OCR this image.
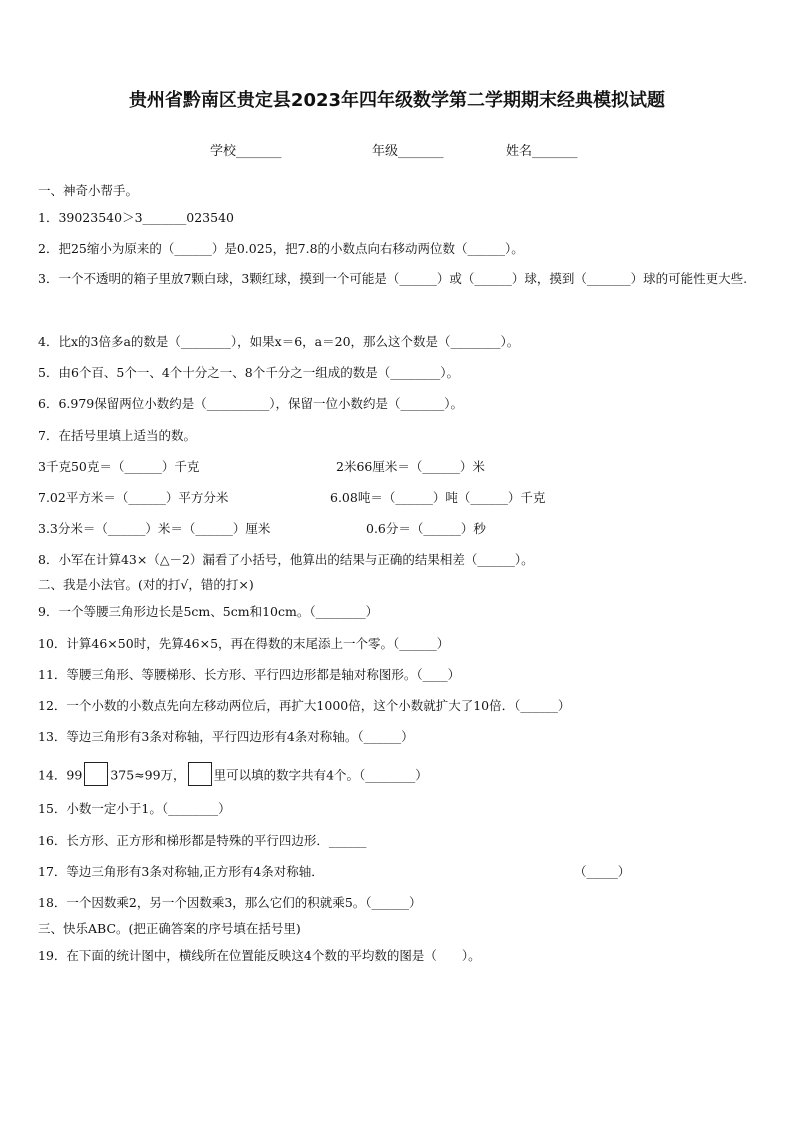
贵州省黔南区贵定县2023年四年级数学第二学期期末经典模拟试题
学校_______	年级_______	姓名_______
一、神奇小帮手。
1．39023540＞3_______023540
2．把25缩小为原来的（______）是0.025，把7.8的小数点向右移动两位数（______）。
3．一个不透明的箱子里放7颗白球，3颗红球，摸到一个可能是（______）或（______）球，摸到（_______）球的可能性更大些.
4．比x的3倍多a的数是（________），如果x＝6，a＝20，那么这个数是（________）。
5．由6个百、5个一、4个十分之一、8个千分之一组成的数是（________）。
6．6.979保留两位小数约是（__________），保留一位小数约是（_______）。
7．在括号里填上适当的数。
3千克50克＝（______）千克	2米66厘米＝（______）米
7.02平方米＝（______）平方分米	6.08吨＝（______）吨（______）千克
3.3分米＝（______）米＝（______）厘米	0.6分＝（______）秒
8．小军在计算43×（△－2）漏看了小括号，他算出的结果与正确的结果相差（______）。
二、我是小法官。(对的打√，错的打×)
9．一个等腰三角形边长是5cm、5cm和10cm。（________）
10．计算46×50时，先算46×5，再在得数的末尾添上一个零。（______）
11．等腰三角形、等腰梯形、长方形、平行四边形都是轴对称图形。（____）
12．一个小数的小数点先向左移动两位后，再扩大1000倍，这个小数就扩大了10倍．（______）
13．等边三角形有3条对称轴，平行四边形有4条对称轴。（______）
14．99 375≈99万， 里可以填的数字共有4个。（________）
15．小数一定小于1。（________）
16．长方形、正方形和梯形都是特殊的平行四边形．______
17．等边三角形有3条对称轴,正方形有4条对称轴．	（_____）
18．一个因数乘2，另一个因数乘3，那么它们的积就乘5。（______）
三、快乐ABC。(把正确答案的序号填在括号里)
19．在下面的统计图中，横线所在位置能反映这4个数的平均数的图是（　　）。
